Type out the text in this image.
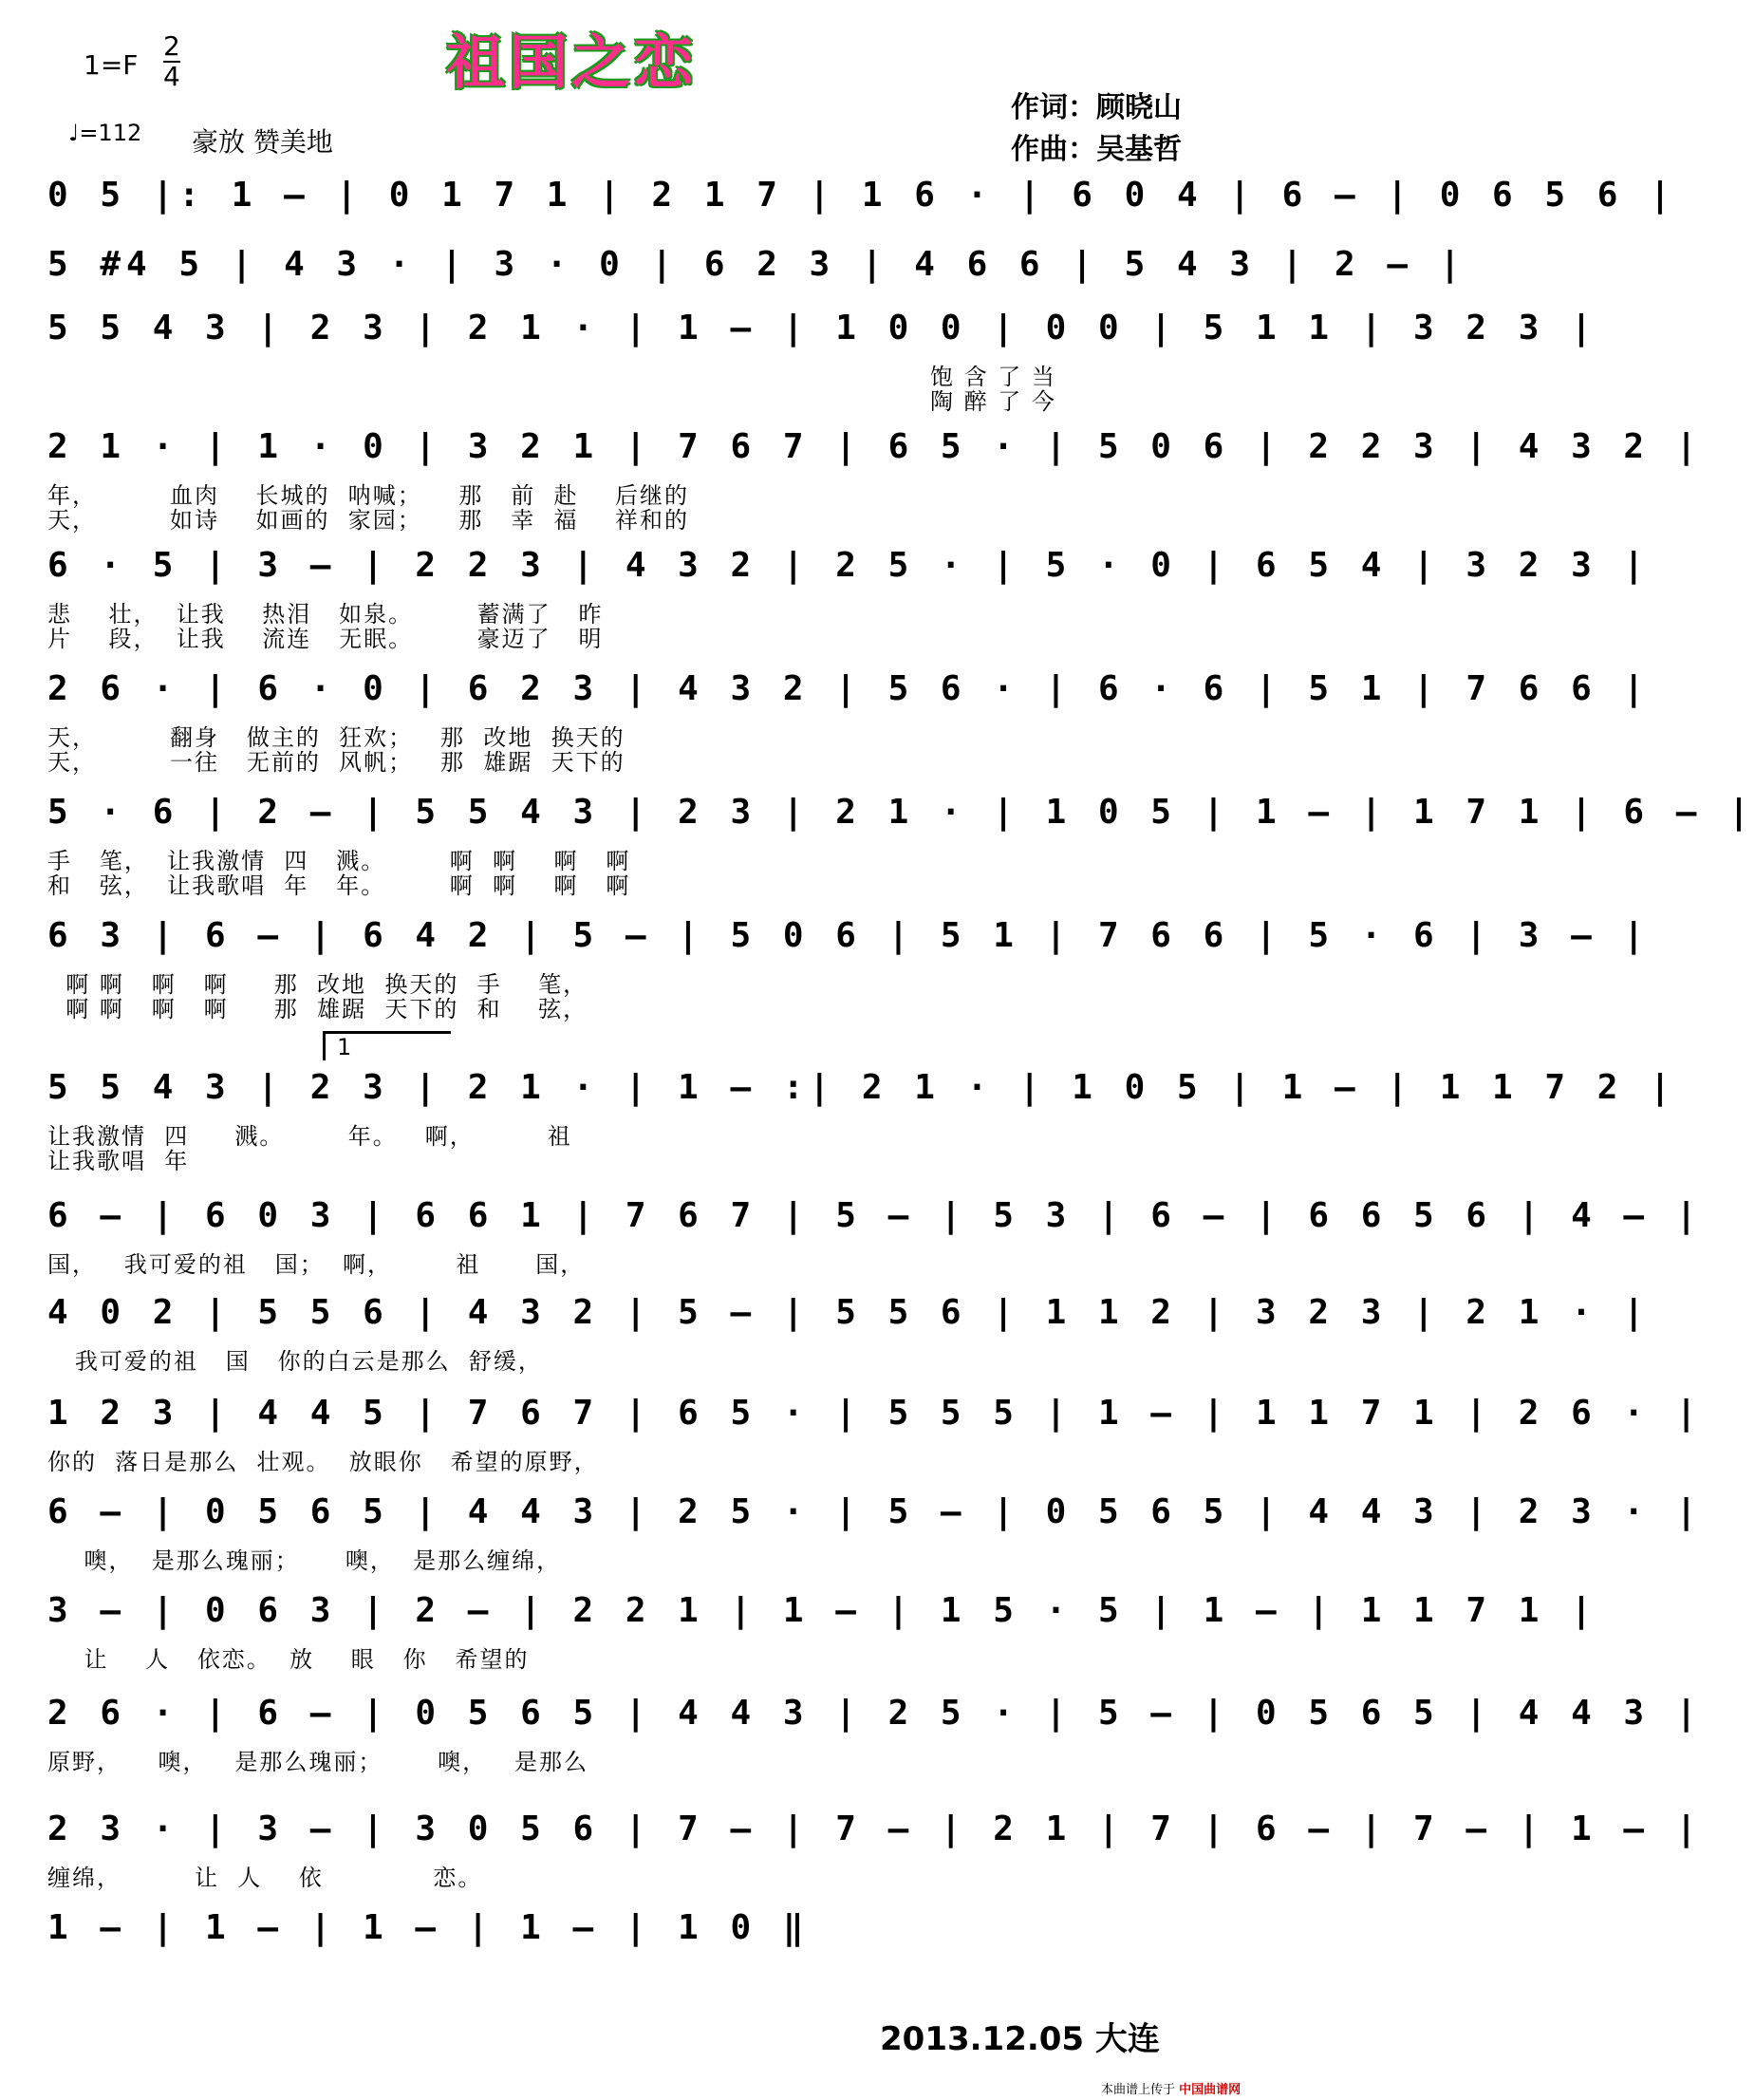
祖国之恋
1=F
2
4
♩=112 豪放 赞美地
作词：顾晓山
作曲：吴基哲
0 5 |: 1 – | 0 1 7 1 | 2 1 7 | 1 6 · | 6 0 4 | 6 – | 0 6 5 6 |
5 #4 5 | 4 3 · | 3 · 0 | 6 2 3 | 4 6 6 | 5 4 3 | 2 – |
5 5 4 3 | 2 3 | 2 1 · | 1 – | 1 0 0 | 0 0 | 5 1 1 | 3 2 3 |
饱 含 了 当
陶 醉 了 今
2 1 · | 1 · 0 | 3 2 1 | 7 6 7 | 6 5 · | 5 0 6 | 2 2 3 | 4 3 2 |
年，        血肉    长城的  呐喊；    那   前  赴    后继的
天，        如诗    如画的  家园；    那   幸  福    祥和的
6 · 5 | 3 – | 2 2 3 | 4 3 2 | 2 5 · | 5 · 0 | 6 5 4 | 3 2 3 |
悲    壮，  让我    热泪   如泉。       蓄满了   昨
片    段，  让我    流连   无眠。       豪迈了   明
2 6 · | 6 · 0 | 6 2 3 | 4 3 2 | 5 6 · | 6 · 6 | 5 1 | 7 6 6 |
天，        翻身   做主的  狂欢；   那  改地  换天的
天，        一往   无前的  风帆；   那  雄踞  天下的
5 · 6 | 2 – | 5 5 4 3 | 2 3 | 2 1 · | 1 0 5 | 1 – | 1 7 1 | 6 – |
手   笔，  让我激情  四   溅。       啊  啊    啊   啊
和   弦，  让我歌唱  年   年。       啊  啊    啊   啊
6 3 | 6 – | 6 4 2 | 5 – | 5 0 6 | 5 1 | 7 6 6 | 5 · 6 | 3 – |
啊 啊   啊   啊     那  改地  换天的  手    笔，
啊 啊   啊   啊     那  雄踞  天下的  和    弦，
1
5 5 4 3 | 2 3 | 2 1 · | 1 – :| 2 1 · | 1 0 5 | 1 – | 1 1 7 2 |
让我激情  四     溅。       年。   啊，        祖
让我歌唱  年
6 – | 6 0 3 | 6 6 1 | 7 6 7 | 5 – | 5 3 | 6 – | 6 6 5 6 | 4 – |
国，   我可爱的祖   国；  啊，       祖      国，
4 0 2 | 5 5 6 | 4 3 2 | 5 – | 5 5 6 | 1 1 2 | 3 2 3 | 2 1 · |
我可爱的祖   国   你的白云是那么  舒缓，
1 2 3 | 4 4 5 | 7 6 7 | 6 5 · | 5 5 5 | 1 – | 1 1 7 1 | 2 6 · |
你的  落日是那么  壮观。  放眼你   希望的原野，
6 – | 0 5 6 5 | 4 4 3 | 2 5 · | 5 – | 0 5 6 5 | 4 4 3 | 2 3 · |
噢，  是那么瑰丽；     噢，  是那么缠绵，
3 – | 0 6 3 | 2 – | 2 2 1 | 1 – | 1 5 · 5 | 1 – | 1 1 7 1 |
让    人   依恋。  放    眼   你   希望的
2 6 · | 6 – | 0 5 6 5 | 4 4 3 | 2 5 · | 5 – | 0 5 6 5 | 4 4 3 |
原野，    噢，   是那么瑰丽；      噢，   是那么
2 3 · | 3 – | 3 0 5 6 | 7 – | 7 – | 2 1 | 7 | 6 – | 7 – | 1 – |
缠绵，        让  人    依            恋。
1 – | 1 – | 1 – | 1 – | 1 0 ‖
2013.12.05 大连
本曲谱上传于 中国曲谱网
